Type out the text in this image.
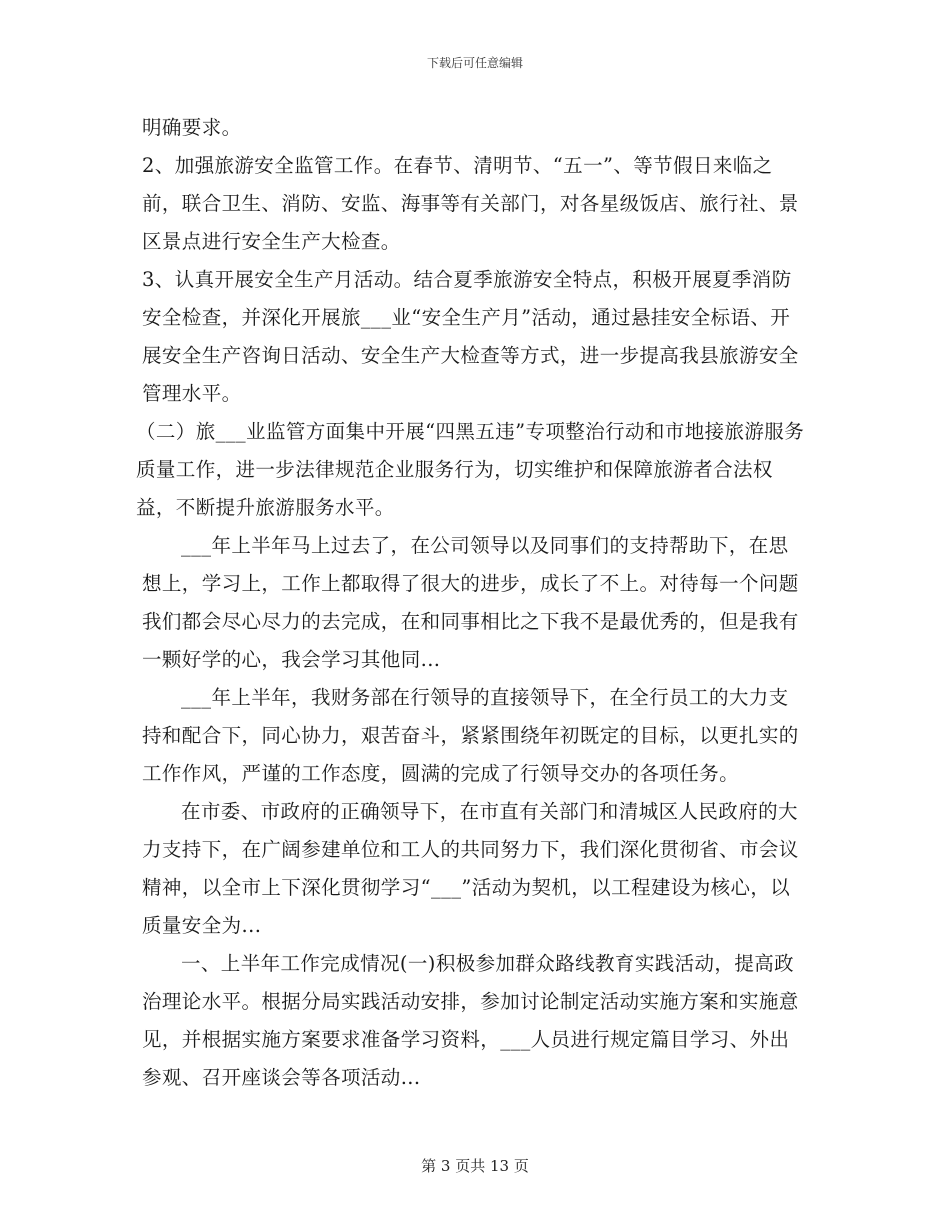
下载后可任意编辑

明确要求。

2、加强旅游安全监管工作。在春节、清明节、“五一”、等节假日来临之前，联合卫生、消防、安监、海事等有关部门，对各星级饭店、旅行社、景区景点进行安全生产大检查。

3、认真开展安全生产月活动。结合夏季旅游安全特点，积极开展夏季消防安全检查，并深化开展旅___业“安全生产月”活动，通过悬挂安全标语、开展安全生产咨询日活动、安全生产大检查等方式，进一步提高我县旅游安全管理水平。

（二）旅___业监管方面集中开展“四黑五违”专项整治行动和市地接旅游服务质量工作，进一步法律规范企业服务行为，切实维护和保障旅游者合法权益，不断提升旅游服务水平。

___年上半年马上过去了，在公司领导以及同事们的支持帮助下，在思想上，学习上，工作上都取得了很大的进步，成长了不上。对待每一个问题我们都会尽心尽力的去完成，在和同事相比之下我不是最优秀的，但是我有一颗好学的心，我会学习其他同...

___年上半年，我财务部在行领导的直接领导下，在全行员工的大力支持和配合下，同心协力，艰苦奋斗，紧紧围绕年初既定的目标，以更扎实的工作作风，严谨的工作态度，圆满的完成了行领导交办的各项任务。

在市委、市政府的正确领导下，在市直有关部门和清城区人民政府的大力支持下，在广阔参建单位和工人的共同努力下，我们深化贯彻省、市会议精神，以全市上下深化贯彻学习“___”活动为契机，以工程建设为核心，以质量安全为...

一、上半年工作完成情况(一)积极参加群众路线教育实践活动，提高政治理论水平。根据分局实践活动安排，参加讨论制定活动实施方案和实施意见，并根据实施方案要求准备学习资料，___人员进行规定篇目学习、外出参观、召开座谈会等各项活动...

第 3 页共 13 页
